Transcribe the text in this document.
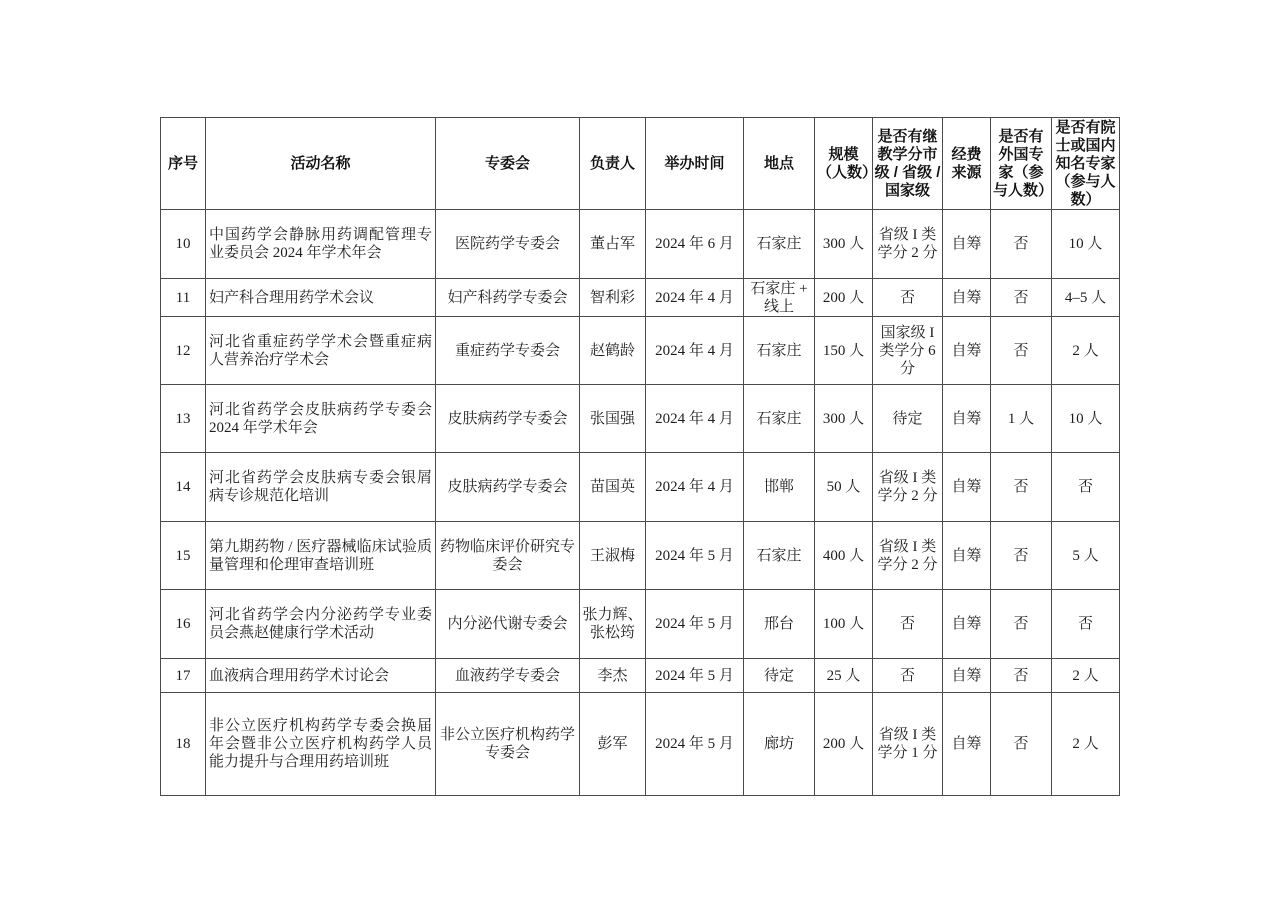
序号	活动名称	专委会	负责人	举办时间	地点	规模（人数）	是否有继教学分市级 / 省级 / 国家级	经费来源	是否有外国专家（参与人数）	是否有院士或国内知名专家（参与人数）
10	中国药学会静脉用药调配管理专业委员会 2024 年学术年会	医院药学专委会	董占军	2024 年 6 月	石家庄	300 人	省级 I 类学分 2 分	自筹	否	10 人
11	妇产科合理用药学术会议	妇产科药学专委会	智利彩	2024 年 4 月	石家庄 + 线上	200 人	否	自筹	否	4–5 人
12	河北省重症药学学术会暨重症病人营养治疗学术会	重症药学专委会	赵鹤龄	2024 年 4 月	石家庄	150 人	国家级 I 类学分 6 分	自筹	否	2 人
13	河北省药学会皮肤病药学专委会 2024 年学术年会	皮肤病药学专委会	张国强	2024 年 4 月	石家庄	300 人	待定	自筹	1 人	10 人
14	河北省药学会皮肤病专委会银屑病专诊规范化培训	皮肤病药学专委会	苗国英	2024 年 4 月	邯郸	50 人	省级 I 类学分 2 分	自筹	否	否
15	第九期药物 / 医疗器械临床试验质量管理和伦理审查培训班	药物临床评价研究专委会	王淑梅	2024 年 5 月	石家庄	400 人	省级 I 类学分 2 分	自筹	否	5 人
16	河北省药学会内分泌药学专业委员会燕赵健康行学术活动	内分泌代谢专委会	张力辉、张松筠	2024 年 5 月	邢台	100 人	否	自筹	否	否
17	血液病合理用药学术讨论会	血液药学专委会	李杰	2024 年 5 月	待定	25 人	否	自筹	否	2 人
18	非公立医疗机构药学专委会换届年会暨非公立医疗机构药学人员能力提升与合理用药培训班	非公立医疗机构药学专委会	彭军	2024 年 5 月	廊坊	200 人	省级 I 类学分 1 分	自筹	否	2 人
